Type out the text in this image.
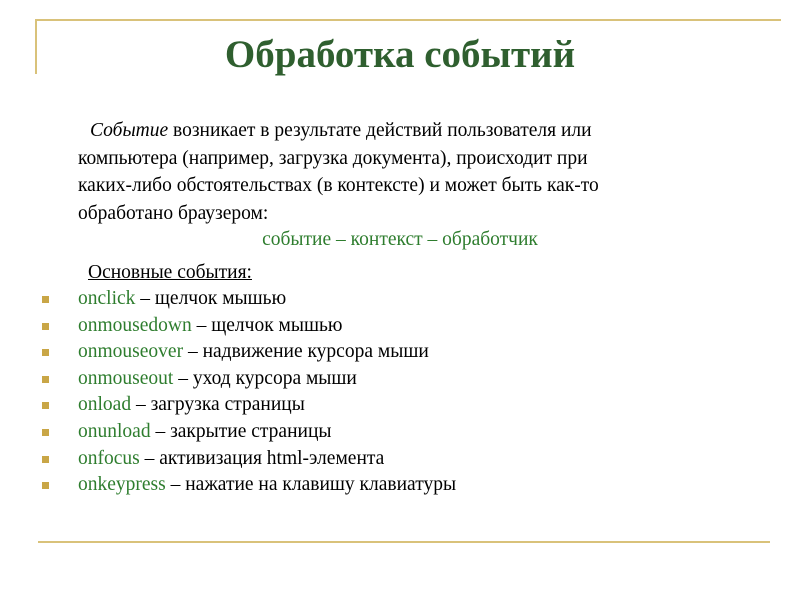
Обработка событий
Событие возникает в результате действий пользователя или
компьютера (например, загрузка документа), происходит при
каких-либо обстоятельствах (в контексте) и может быть как-то
обработано браузером:
событие – контекст – обработчик
Основные события:
onclick – щелчок мышью
onmousedown – щелчок мышью
onmouseover – надвижение курсора мыши
onmouseout – уход курсора мыши
onload – загрузка страницы
onunload – закрытие страницы
onfocus – активизация html-элемента
onkeypress – нажатие на клавишу клавиатуры
